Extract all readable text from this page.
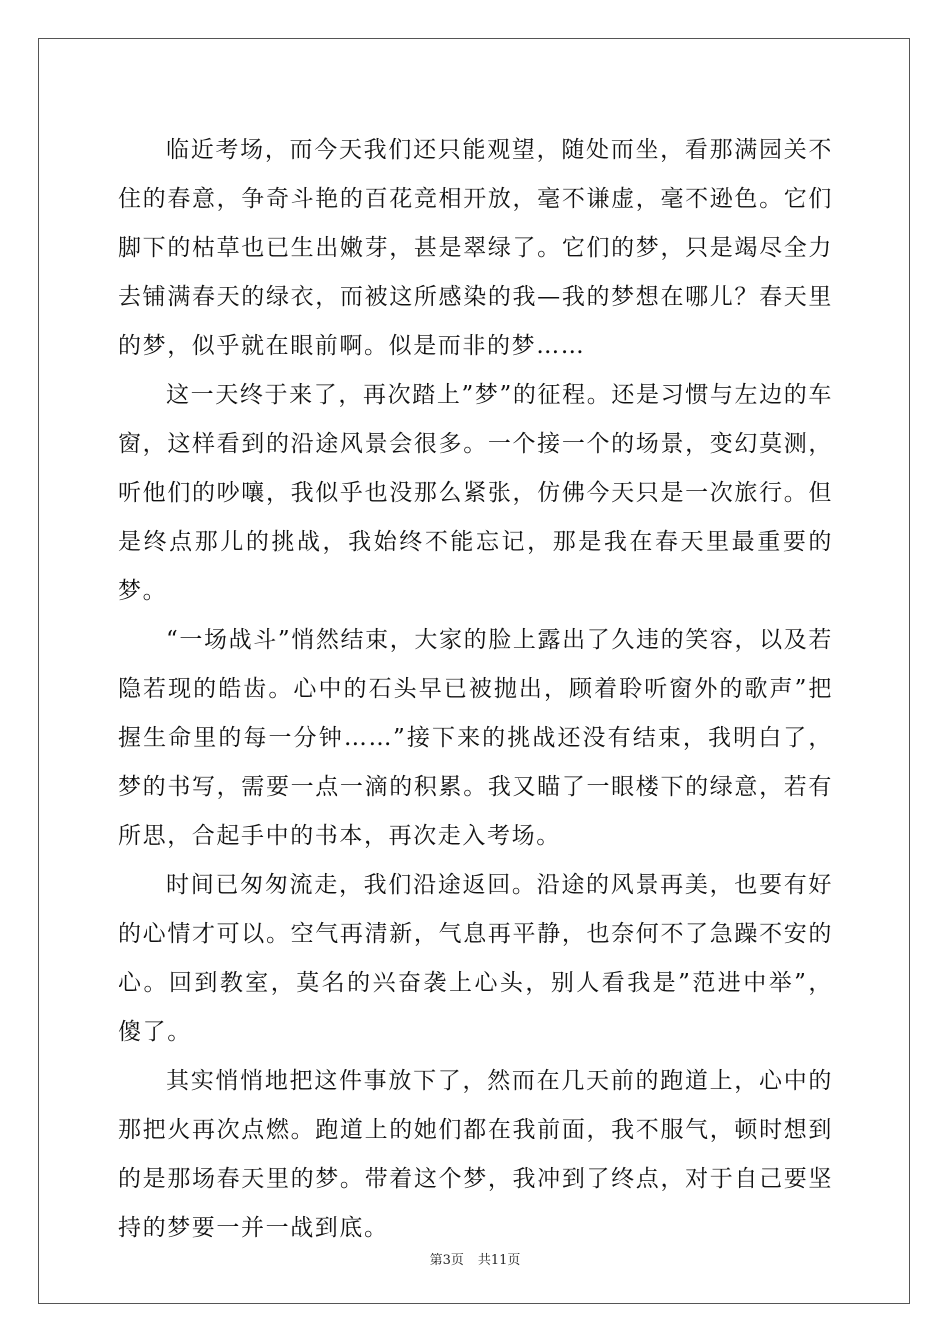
临近考场，而今天我们还只能观望，随处而坐，看那满园关不住的春意，争奇斗艳的百花竞相开放，毫不谦虚，毫不逊色。它们脚下的枯草也已生出嫩芽，甚是翠绿了。它们的梦，只是竭尽全力去铺满春天的绿衣，而被这所感染的我—我的梦想在哪儿？春天里的梦，似乎就在眼前啊。似是而非的梦……

这一天终于来了，再次踏上”梦”的征程。还是习惯与左边的车窗，这样看到的沿途风景会很多。一个接一个的场景，变幻莫测，听他们的吵嚷，我似乎也没那么紧张，仿佛今天只是一次旅行。但是终点那儿的挑战，我始终不能忘记，那是我在春天里最重要的梦。

“一场战斗”悄然结束，大家的脸上露出了久违的笑容，以及若隐若现的皓齿。心中的石头早已被抛出，顾着聆听窗外的歌声”把握生命里的每一分钟……”接下来的挑战还没有结束，我明白了，梦的书写，需要一点一滴的积累。我又瞄了一眼楼下的绿意，若有所思，合起手中的书本，再次走入考场。

时间已匆匆流走，我们沿途返回。沿途的风景再美，也要有好的心情才可以。空气再清新，气息再平静，也奈何不了急躁不安的心。回到教室，莫名的兴奋袭上心头，别人看我是”范进中举”，傻了。

其实悄悄地把这件事放下了，然而在几天前的跑道上，心中的那把火再次点燃。跑道上的她们都在我前面，我不服气，顿时想到的是那场春天里的梦。带着这个梦，我冲到了终点，对于自己要坚持的梦要一并一战到底。

第3页 共11页
